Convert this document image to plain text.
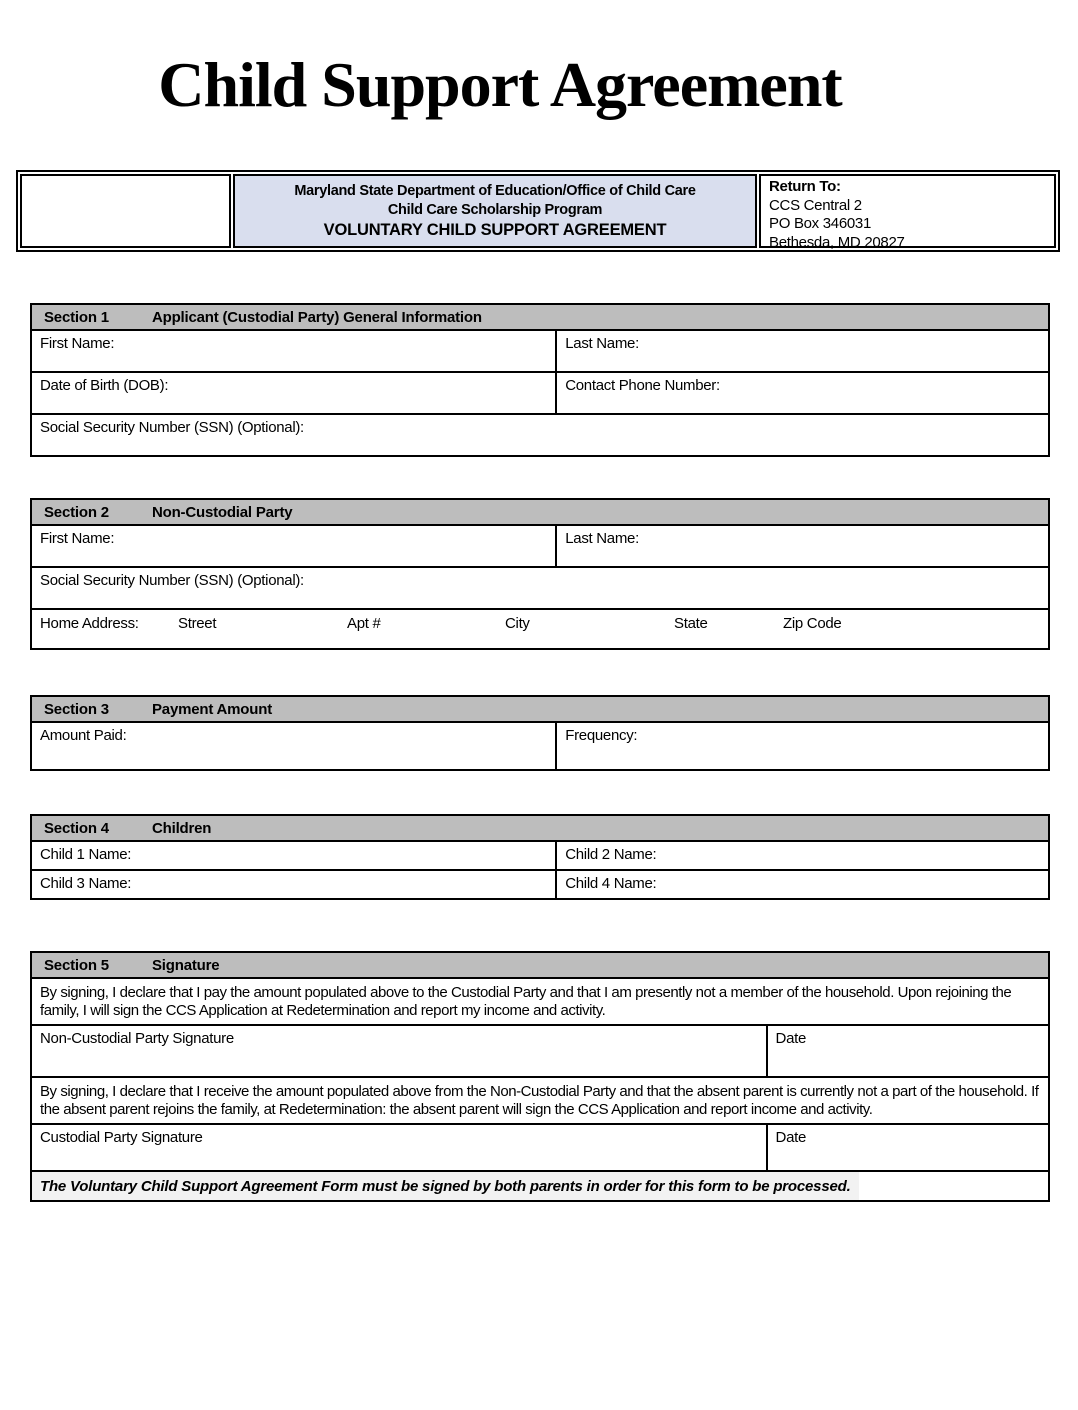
Child Support Agreement
Maryland State Department of Education/Office of Child Care
Child Care Scholarship Program
VOLUNTARY CHILD SUPPORT AGREEMENT
Return To:
CCS Central 2
PO Box 346031
Bethesda, MD 20827
Section 1	Applicant (Custodial Party) General Information
First Name:	Last Name:
Date of Birth (DOB):	Contact Phone Number:
Social Security Number (SSN) (Optional):
Section 2	Non-Custodial Party
First Name:	Last Name:
Social Security Number (SSN) (Optional):
Home Address:	Street	Apt #	City	State	Zip Code
Section 3	Payment Amount
Amount Paid:	Frequency:
Section 4	Children
Child 1 Name:	Child 2 Name:
Child 3 Name:	Child 4 Name:
Section 5	Signature
By signing, I declare that I pay the amount populated above to the Custodial Party and that I am presently not a member of the household. Upon rejoining the family, I will sign the CCS Application at Redetermination and report my income and activity.
Non-Custodial Party Signature	Date
By signing, I declare that I receive the amount populated above from the Non-Custodial Party and that the absent parent is currently not a part of the household. If the absent parent rejoins the family, at Redetermination: the absent parent will sign the CCS Application and report income and activity.
Custodial Party Signature	Date
The Voluntary Child Support Agreement Form must be signed by both parents in order for this form to be processed.
